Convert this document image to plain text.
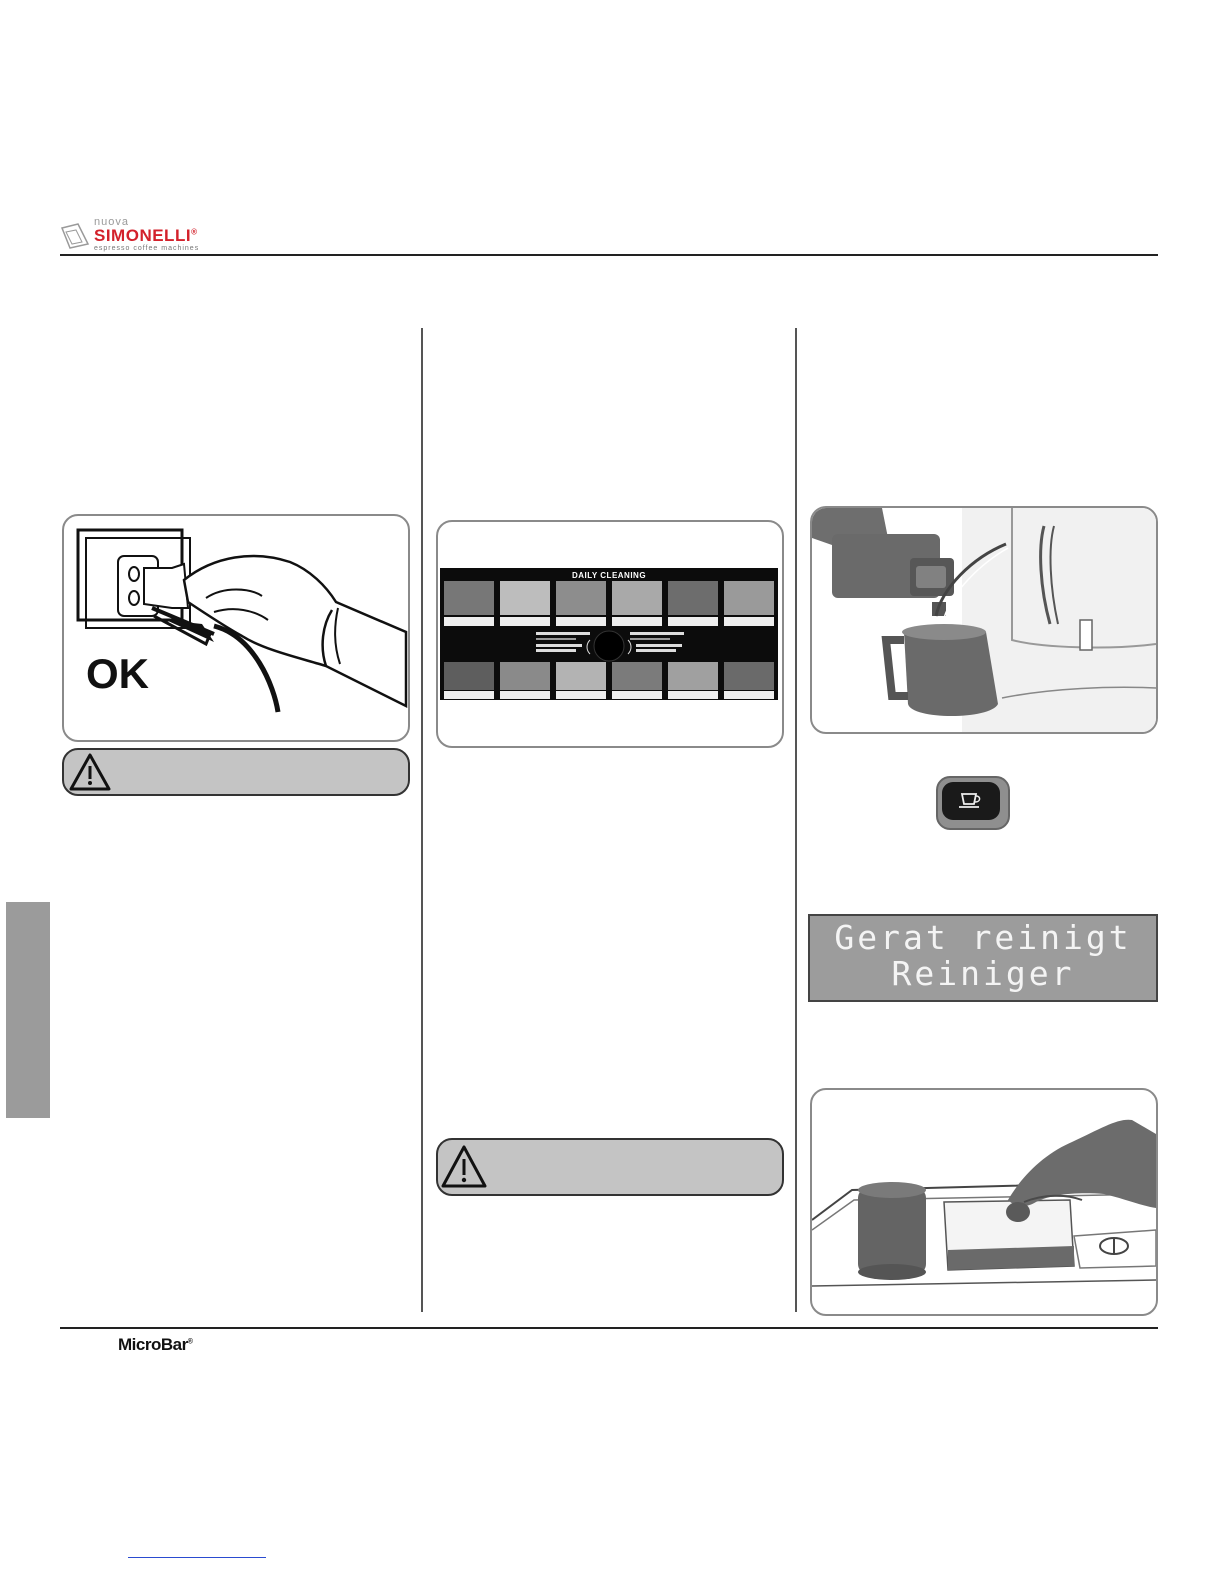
nuova
SIMONELLI®
espresso coffee machines
OK
DAILY CLEANING
Gerat reinigt
Reiniger
MicroBar®
